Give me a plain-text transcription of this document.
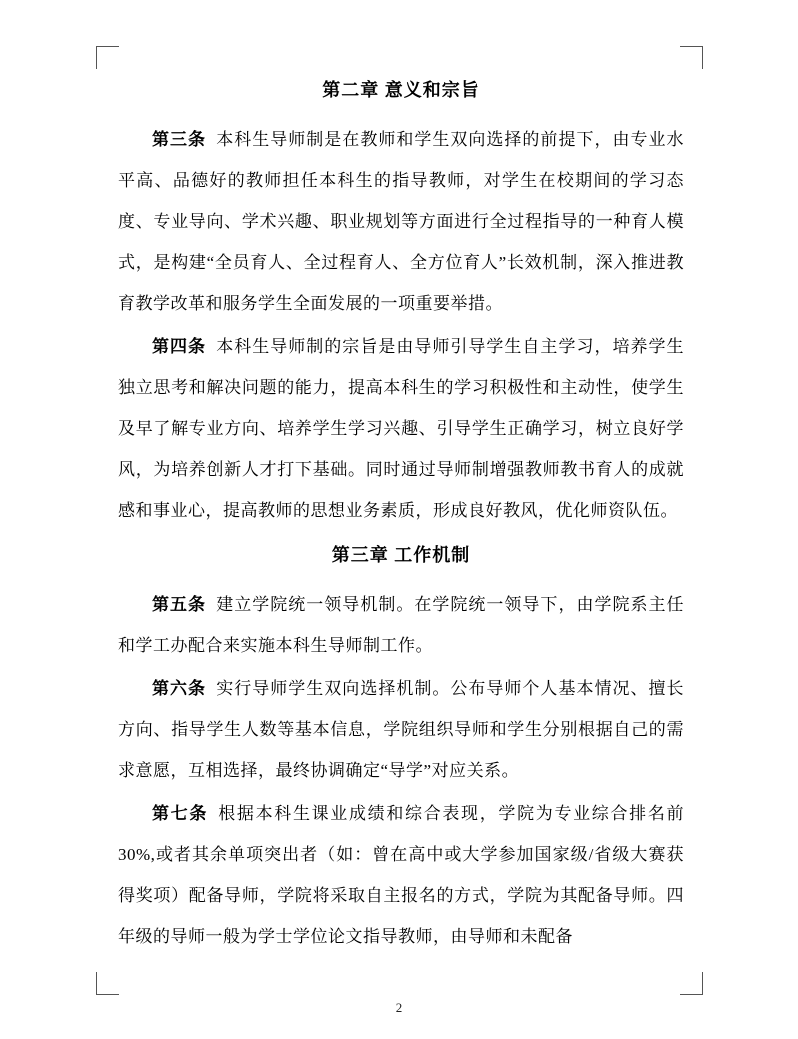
第二章 意义和宗旨

第三条 本科生导师制是在教师和学生双向选择的前提下，由专业水平高、品德好的教师担任本科生的指导教师，对学生在校期间的学习态度、专业导向、学术兴趣、职业规划等方面进行全过程指导的一种育人模式，是构建“全员育人、全过程育人、全方位育人”长效机制，深入推进教育教学改革和服务学生全面发展的一项重要举措。

第四条 本科生导师制的宗旨是由导师引导学生自主学习，培养学生独立思考和解决问题的能力，提高本科生的学习积极性和主动性，使学生及早了解专业方向、培养学生学习兴趣、引导学生正确学习，树立良好学风，为培养创新人才打下基础。同时通过导师制增强教师教书育人的成就感和事业心，提高教师的思想业务素质，形成良好教风，优化师资队伍。

第三章 工作机制

第五条 建立学院统一领导机制。在学院统一领导下，由学院系主任和学工办配合来实施本科生导师制工作。

第六条 实行导师学生双向选择机制。公布导师个人基本情况、擅长方向、指导学生人数等基本信息，学院组织导师和学生分别根据自己的需求意愿，互相选择，最终协调确定“导学”对应关系。

第七条 根据本科生课业成绩和综合表现，学院为专业综合排名前 30%,或者其余单项突出者（如：曾在高中或大学参加国家级/省级大赛获得奖项）配备导师，学院将采取自主报名的方式，学院为其配备导师。四年级的导师一般为学士学位论文指导教师，由导师和未配备

2
